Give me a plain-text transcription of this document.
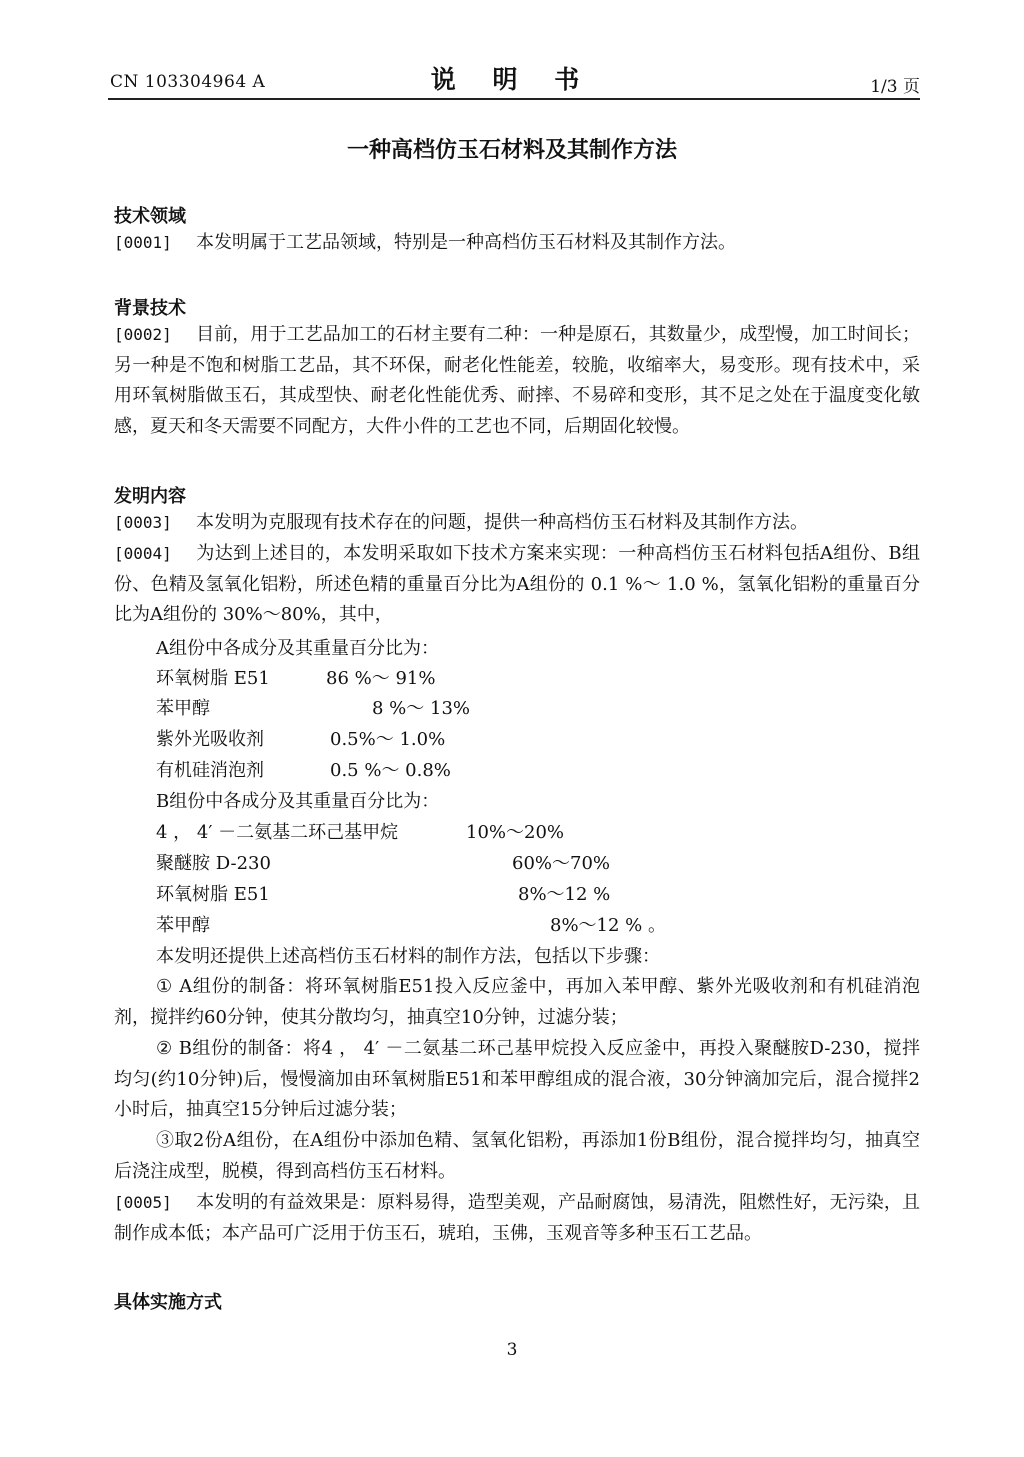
CN 103304964 A	说 明 书	1/3 页
一种高档仿玉石材料及其制作方法
技术领域
[0001] 本发明属于工艺品领域，特别是一种高档仿玉石材料及其制作方法。
背景技术
[0002] 目前，用于工艺品加工的石材主要有二种：一种是原石，其数量少，成型慢，加工时间长；另一种是不饱和树脂工艺品，其不环保，耐老化性能差，较脆，收缩率大，易变形。现有技术中，采用环氧树脂做玉石，其成型快、耐老化性能优秀、耐摔、不易碎和变形，其不足之处在于温度变化敏感，夏天和冬天需要不同配方，大件小件的工艺也不同，后期固化较慢。
发明内容
[0003] 本发明为克服现有技术存在的问题，提供一种高档仿玉石材料及其制作方法。
[0004] 为达到上述目的，本发明采取如下技术方案来实现：一种高档仿玉石材料包括A组份、B组份、色精及氢氧化铝粉，所述色精的重量百分比为A组份的 0.1 %～ 1.0 %，氢氧化铝粉的重量百分比为A组份的 30%～80%，其中，
A组份中各成分及其重量百分比为：
环氧树脂 E51	86 %～ 91%
苯甲醇	8 %～ 13%
紫外光吸收剂	0.5%～ 1.0%
有机硅消泡剂	0.5 %～ 0.8%
B组份中各成分及其重量百分比为：
4 ， 4′ －二氨基二环己基甲烷	10%～20%
聚醚胺 D-230	60%～70%
环氧树脂 E51	8%～12 %
苯甲醇	8%～12 % 。
本发明还提供上述高档仿玉石材料的制作方法，包括以下步骤：
① A组份的制备：将环氧树脂E51投入反应釜中，再加入苯甲醇、紫外光吸收剂和有机硅消泡剂，搅拌约60分钟，使其分散均匀，抽真空10分钟，过滤分装；
② B组份的制备：将4 ， 4′ －二氨基二环己基甲烷投入反应釜中，再投入聚醚胺D-230，搅拌均匀(约10分钟)后，慢慢滴加由环氧树脂E51和苯甲醇组成的混合液，30分钟滴加完后，混合搅拌2小时后，抽真空15分钟后过滤分装；
③取2份A组份，在A组份中添加色精、氢氧化铝粉，再添加1份B组份，混合搅拌均匀，抽真空后浇注成型，脱模，得到高档仿玉石材料。
[0005] 本发明的有益效果是：原料易得，造型美观，产品耐腐蚀，易清洗，阻燃性好，无污染，且制作成本低；本产品可广泛用于仿玉石，琥珀，玉佛，玉观音等多种玉石工艺品。
具体实施方式
3
